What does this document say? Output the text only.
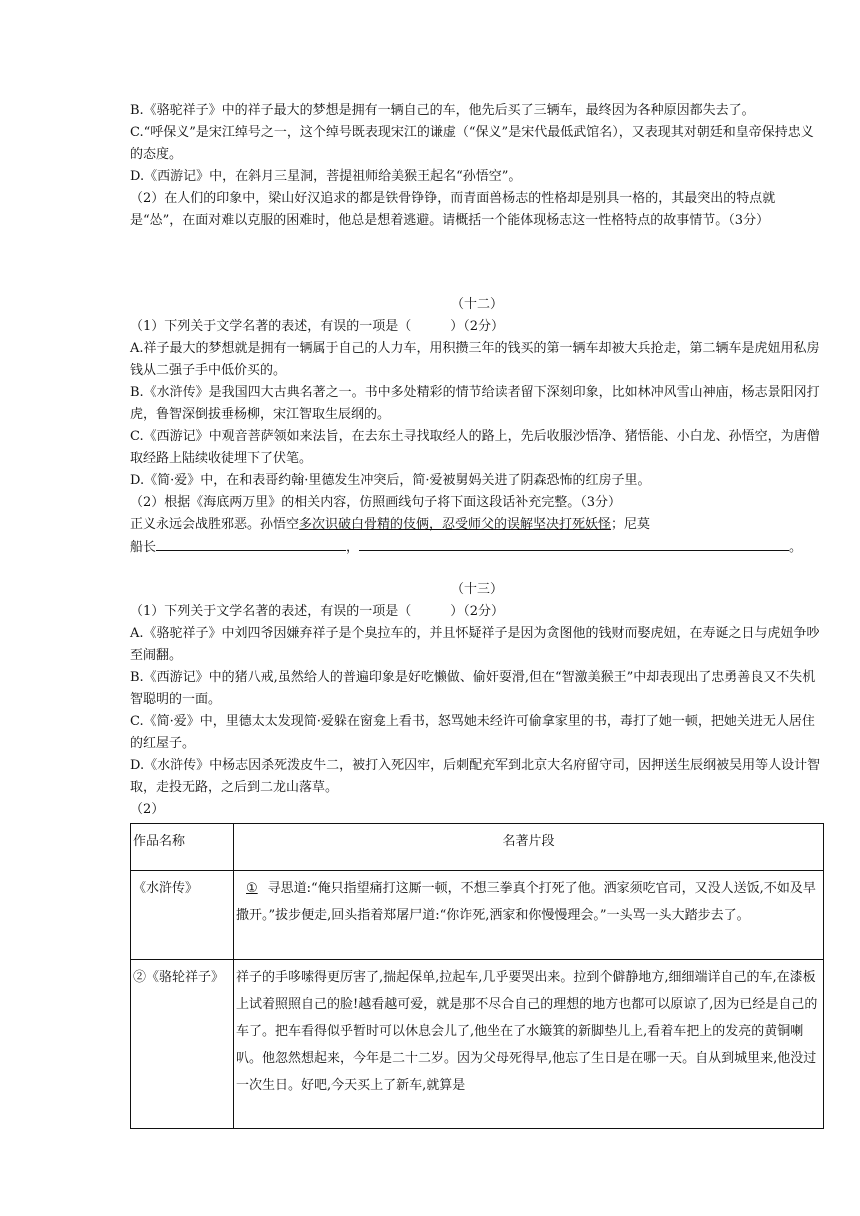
B.《骆驼祥子》中的祥子最大的梦想是拥有一辆自己的车，他先后买了三辆车，最终因为各种原因都失去了。

C.“呼保义”是宋江绰号之一，这个绰号既表现宋江的谦虚（“保义”是宋代最低武馆名），又表现其对朝廷和皇帝保持忠义的态度。

D.《西游记》中，在斜月三星洞，菩提祖师给美猴王起名“孙悟空”。

（2）在人们的印象中，梁山好汉追求的都是铁骨铮铮，而青面兽杨志的性格却是别具一格的，其最突出的特点就是“怂”，在面对难以克服的困难时，他总是想着逃避。请概括一个能体现杨志这一性格特点的故事情节。（3分）

（十二）

（1）下列关于文学名著的表述，有误的一项是（　　　）（2分）

A.祥子最大的梦想就是拥有一辆属于自己的人力车，用积攒三年的钱买的第一辆车却被大兵抢走，第二辆车是虎妞用私房钱从二强子手中低价买的。

B.《水浒传》是我国四大古典名著之一。书中多处精彩的情节给读者留下深刻印象，比如林冲风雪山神庙，杨志景阳冈打虎，鲁智深倒拔垂杨柳，宋江智取生辰纲的。

C.《西游记》中观音菩萨领如来法旨，在去东土寻找取经人的路上，先后收服沙悟净、猪悟能、小白龙、孙悟空，为唐僧取经路上陆续收徒埋下了伏笔。

D.《简·爱》中，在和表哥约翰·里德发生冲突后，简·爱被舅妈关进了阴森恐怖的红房子里。

（2）根据《海底两万里》的相关内容，仿照画线句子将下面这段话补充完整。（3分）

正义永远会战胜邪恶。孙悟空多次识破白骨精的伎俩，忍受师父的误解坚决打死妖怪；尼莫

船长	，	。

（十三）

（1）下列关于文学名著的表述，有误的一项是（　　　）（2分）

A.《骆驼祥子》中刘四爷因嫌弃祥子是个臭拉车的，并且怀疑祥子是因为贪图他的钱财而娶虎妞，在寿诞之日与虎妞争吵至闹翻。

B.《西游记》中的猪八戒,虽然给人的普遍印象是好吃懒做、偷奸耍滑,但在“智激美猴王”中却表现出了忠勇善良又不失机智聪明的一面。

C.《简·爱》中，里德太太发现简·爱躲在窗龛上看书，怒骂她未经许可偷拿家里的书，毒打了她一顿，把她关进无人居住的红屋子。

D.《水浒传》中杨志因杀死泼皮牛二，被打入死囚牢，后刺配充军到北京大名府留守司，因押送生辰纲被吴用等人设计智取，走投无路，之后到二龙山落草。

（2）

作品名称	名著片段
《水浒传》	① 寻思道:“俺只指望痛打这厮一顿，不想三拳真个打死了他。洒家须吃官司，又没人送饭,不如及早撒开。”拔步便走,回头指着郑屠尸道:“你诈死,洒家和你慢慢理会。”一头骂一头大踏步去了。
②《骆轮祥子》	祥子的手哆嗦得更厉害了,揣起保单,拉起车,几乎要哭出来。拉到个僻静地方,细细端详自己的车,在漆板上试着照照自己的脸!越看越可爱，就是那不尽合自己的理想的地方也都可以原谅了,因为已经是自己的车了。把车看得似乎暂时可以休息会儿了,他坐在了水簸箕的新脚垫儿上,看着车把上的发亮的黄铜喇叭。他忽然想起来，今年是二十二岁。因为父母死得早,他忘了生日是在哪一天。自从到城里来,他没过一次生日。好吧,今天买上了新车,就算是
